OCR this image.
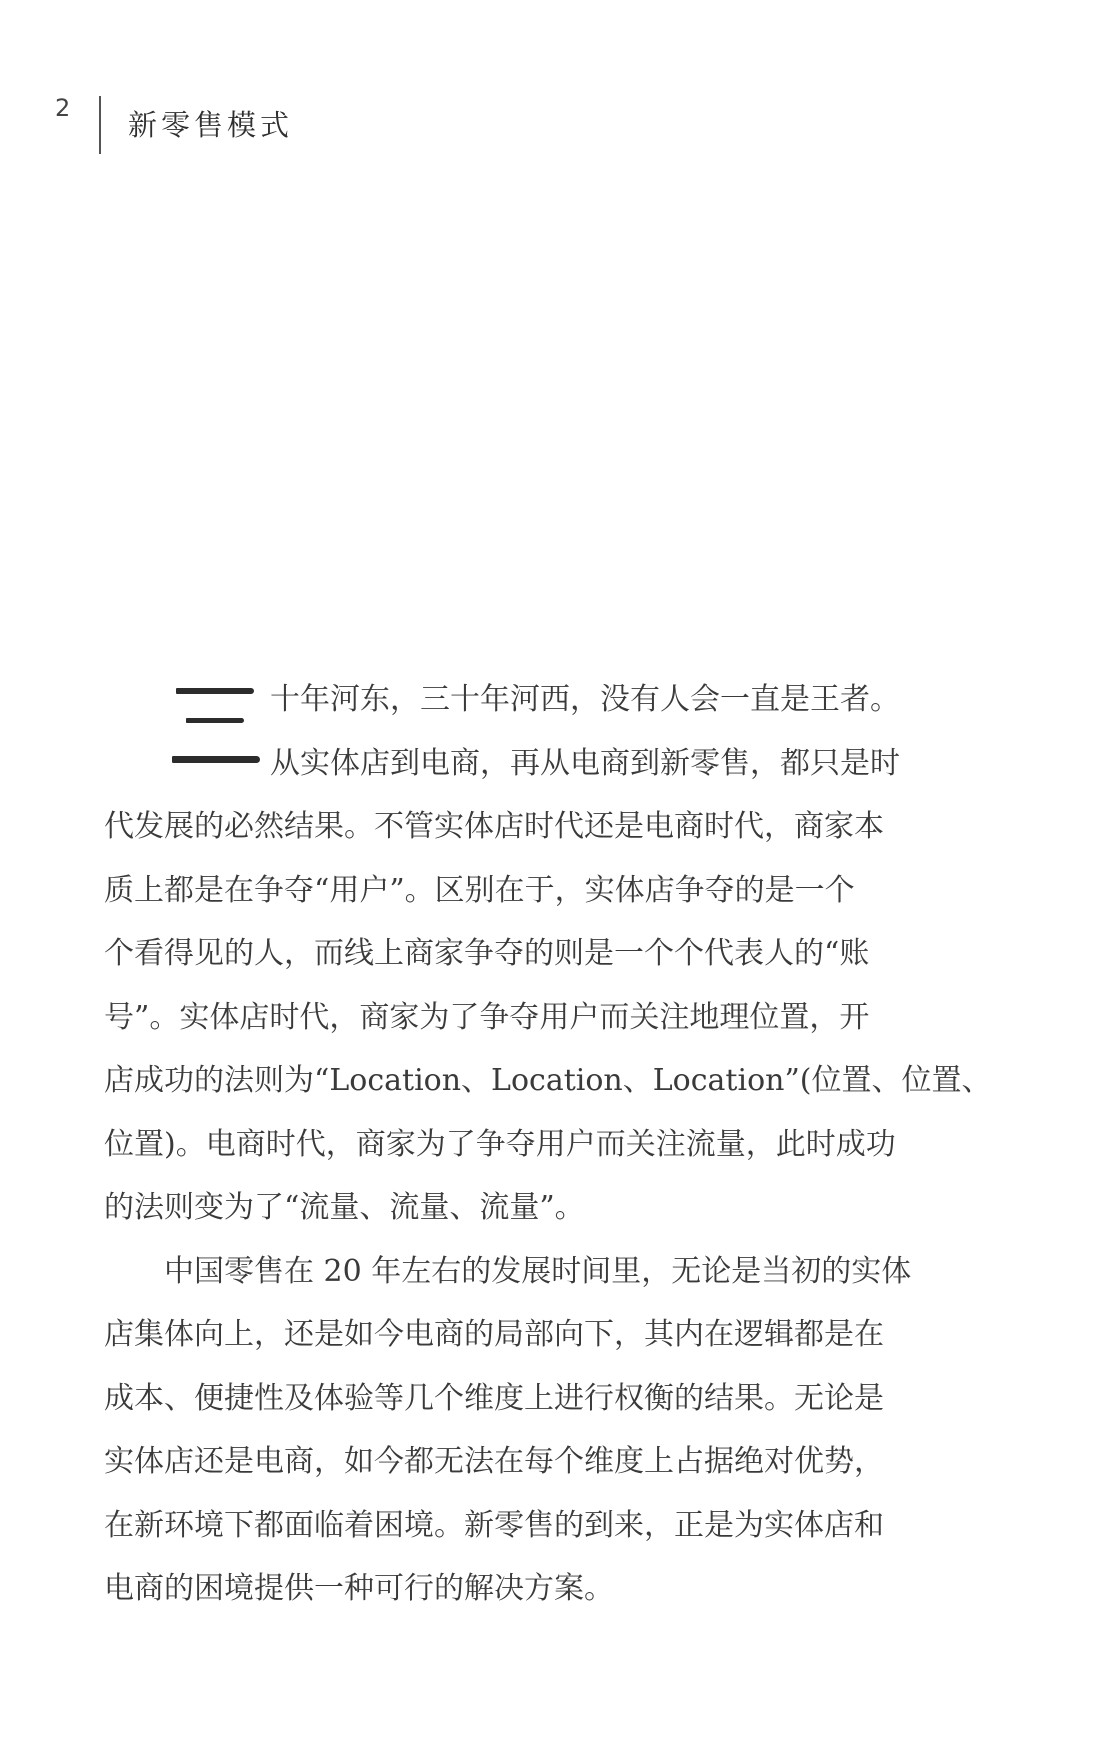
2 新零售模式
十年河东，三十年河西，没有人会一直是王者。
从实体店到电商，再从电商到新零售，都只是时
代发展的必然结果。不管实体店时代还是电商时代，商家本
质上都是在争夺“用户”。区别在于，实体店争夺的是一个
个看得见的人，而线上商家争夺的则是一个个代表人的“账
号”。实体店时代，商家为了争夺用户而关注地理位置，开
店成功的法则为“Location、Location、Location”(位置、位置、
位置)。电商时代，商家为了争夺用户而关注流量，此时成功
的法则变为了“流量、流量、流量”。
中国零售在 20 年左右的发展时间里，无论是当初的实体
店集体向上，还是如今电商的局部向下，其内在逻辑都是在
成本、便捷性及体验等几个维度上进行权衡的结果。无论是
实体店还是电商，如今都无法在每个维度上占据绝对优势，
在新环境下都面临着困境。新零售的到来，正是为实体店和
电商的困境提供一种可行的解决方案。
